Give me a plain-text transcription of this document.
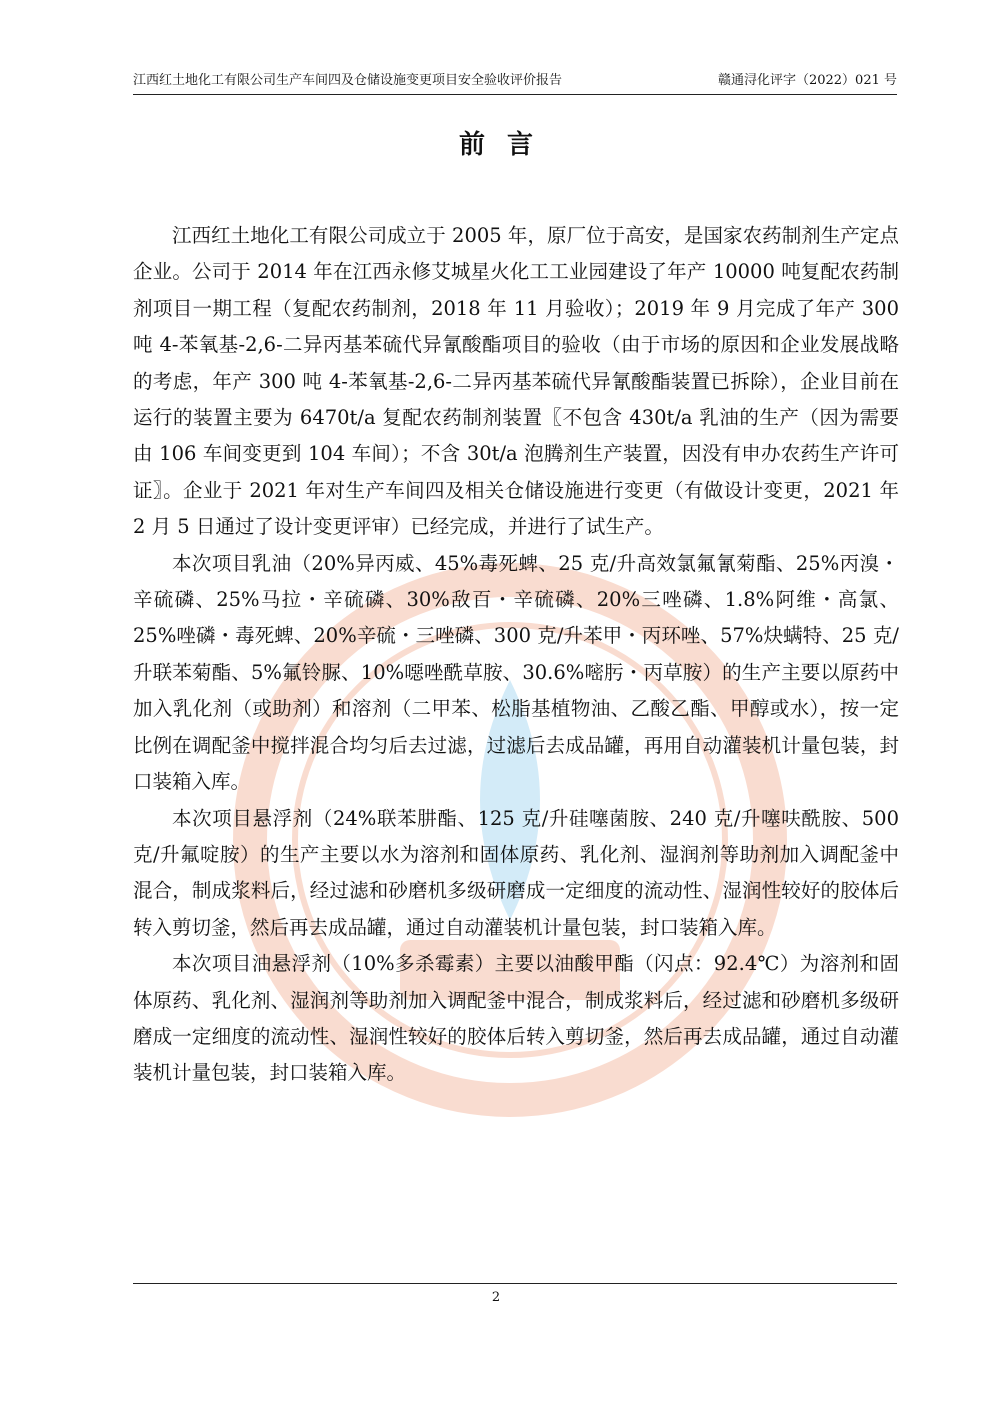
江西红土地化工有限公司生产车间四及仓储设施变更项目安全验收评价报告	赣通浔化评字（2022）021 号
前言

江西红土地化工有限公司成立于 2005 年，原厂位于高安，是国家农药制剂生产定点企业。公司于 2014 年在江西永修艾城星火化工工业园建设了年产 10000 吨复配农药制剂项目一期工程（复配农药制剂，2018 年 11 月验收）；2019 年 9 月完成了年产 300 吨 4-苯氧基-2,6-二异丙基苯硫代异氰酸酯项目的验收（由于市场的原因和企业发展战略的考虑，年产 300 吨 4-苯氧基-2,6-二异丙基苯硫代异氰酸酯装置已拆除），企业目前在运行的装置主要为 6470t/a 复配农药制剂装置〖不包含 430t/a 乳油的生产（因为需要由 106 车间变更到 104 车间）；不含 30t/a 泡腾剂生产装置，因没有申办农药生产许可证〗。企业于 2021 年对生产车间四及相关仓储设施进行变更（有做设计变更，2021 年 2 月 5 日通过了设计变更评审）已经完成，并进行了试生产。

本次项目乳油（20%异丙威、45%毒死蜱、25 克/升高效氯氟氰菊酯、25%丙溴・辛硫磷、25%马拉・辛硫磷、30%敌百・辛硫磷、20%三唑磷、1.8%阿维・高氯、25%唑磷・毒死蜱、20%辛硫・三唑磷、300 克/升苯甲・丙环唑、57%炔螨特、25 克/升联苯菊酯、5%氟铃脲、10%噁唑酰草胺、30.6%嘧肟・丙草胺）的生产主要以原药中加入乳化剂（或助剂）和溶剂（二甲苯、松脂基植物油、乙酸乙酯、甲醇或水），按一定比例在调配釜中搅拌混合均匀后去过滤，过滤后去成品罐，再用自动灌装机计量包装，封口装箱入库。

本次项目悬浮剂（24%联苯肼酯、125 克/升硅噻菌胺、240 克/升噻呋酰胺、500 克/升氟啶胺）的生产主要以水为溶剂和固体原药、乳化剂、湿润剂等助剂加入调配釜中混合，制成浆料后，经过滤和砂磨机多级研磨成一定细度的流动性、湿润性较好的胶体后转入剪切釜，然后再去成品罐，通过自动灌装机计量包装，封口装箱入库。

本次项目油悬浮剂（10%多杀霉素）主要以油酸甲酯（闪点：92.4℃）为溶剂和固体原药、乳化剂、湿润剂等助剂加入调配釜中混合，制成浆料后，经过滤和砂磨机多级研磨成一定细度的流动性、湿润性较好的胶体后转入剪切釜，然后再去成品罐，通过自动灌装机计量包装，封口装箱入库。

2
